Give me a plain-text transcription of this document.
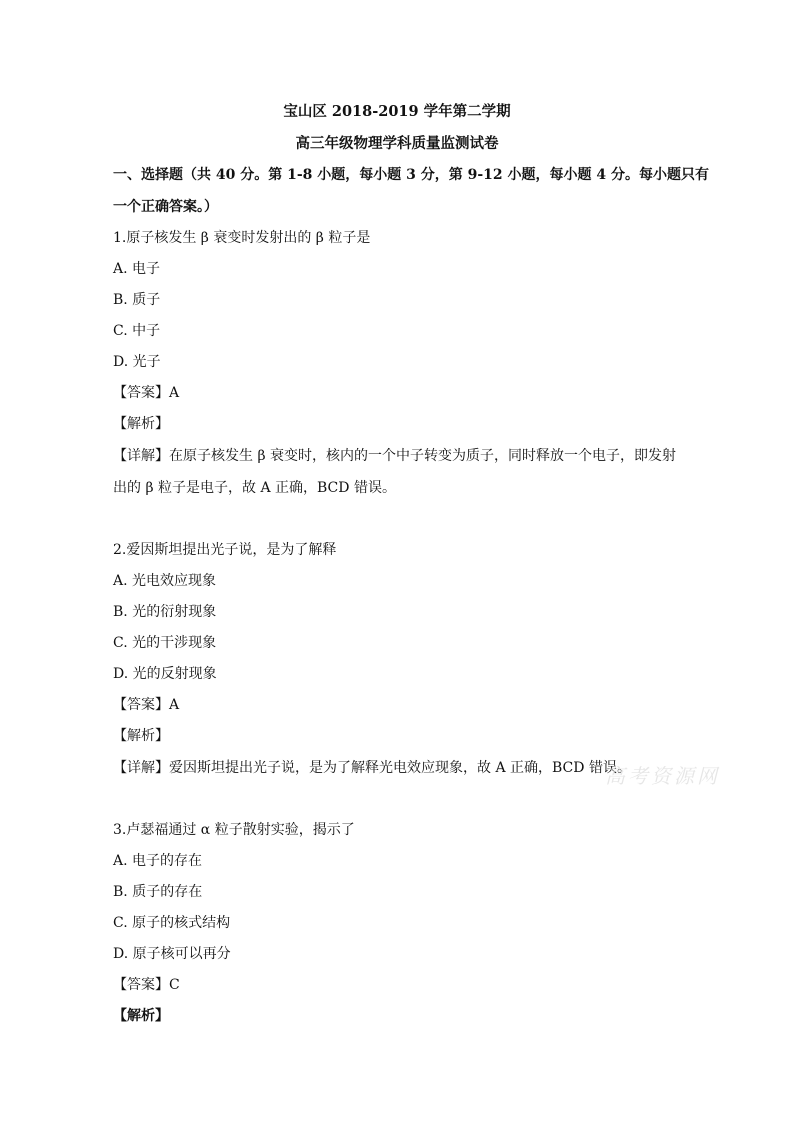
宝山区 2018-2019 学年第二学期
高三年级物理学科质量监测试卷
一、选择题（共 40 分。第 1-8 小题，每小题 3 分，第 9-12 小题，每小题 4 分。每小题只有
一个正确答案。）
1.原子核发生 β 衰变时发射出的 β 粒子是
A. 电子
B. 质子
C. 中子
D. 光子
【答案】A
【解析】
【详解】在原子核发生 β 衰变时，核内的一个中子转变为质子，同时释放一个电子，即发射
出的 β 粒子是电子，故 A 正确，BCD 错误。
2.爱因斯坦提出光子说，是为了解释
A. 光电效应现象
B. 光的衍射现象
C. 光的干涉现象
D. 光的反射现象
【答案】A
【解析】
【详解】爱因斯坦提出光子说，是为了解释光电效应现象，故 A 正确，BCD 错误。
高考资源网
3.卢瑟福通过 α 粒子散射实验，揭示了
A. 电子的存在
B. 质子的存在
C. 原子的核式结构
D. 原子核可以再分
【答案】C
【解析】
